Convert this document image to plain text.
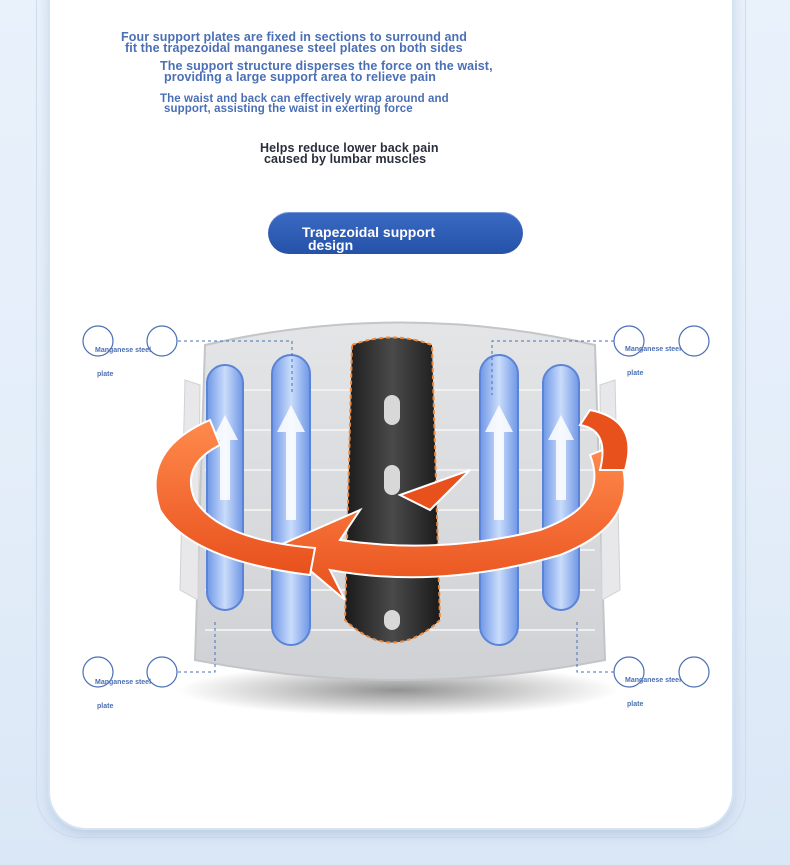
Four support plates are fixed in sections to surround and
fit the trapezoidal manganese steel plates on both sides
The support structure disperses the force on the waist,
providing a large support area to relieve pain
The waist and back can effectively wrap around and
support, assisting the waist in exerting force
Helps reduce lower back pain
caused by lumbar muscles
Trapezoidal support
design

Manganese steel

plate

Manganese steel

plate

Manganese steel

plate

Manganese steel

plate
